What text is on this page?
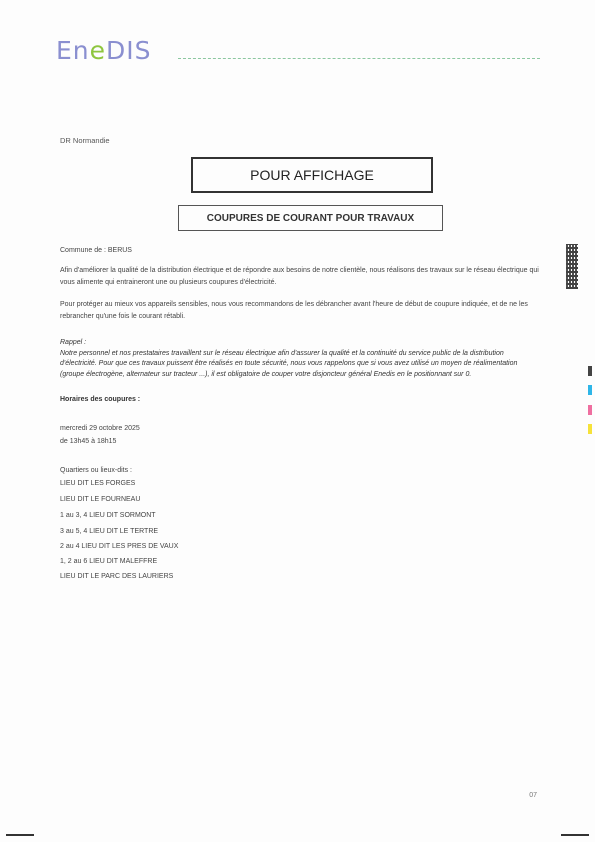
EneDIS
DR Normandie
POUR AFFICHAGE
COUPURES DE COURANT POUR TRAVAUX
Commune de : BERUS
Afin d'améliorer la qualité de la distribution électrique et de répondre aux besoins de notre clientèle, nous réalisons des travaux sur le réseau électrique qui vous alimente qui entraineront une ou plusieurs coupures d'électricité.
Pour protéger au mieux vos appareils sensibles, nous vous recommandons de les débrancher avant l'heure de début de coupure indiquée, et de ne les rebrancher qu'une fois le courant rétabli.
Rappel :
Notre personnel et nos prestataires travaillent sur le réseau électrique afin d'assurer la qualité et la continuité du service public de la distribution d'électricité. Pour que ces travaux puissent être réalisés en toute sécurité, nous vous rappelons que si vous avez utilisé un moyen de réalimentation (groupe électrogène, alternateur sur tracteur ...), il est obligatoire de couper votre disjoncteur général Enedis en le positionnant sur 0.
Horaires des coupures :
mercredi 29 octobre 2025
de 13h45 à 18h15
Quartiers ou lieux-dits :
LIEU DIT LES FORGES
LIEU DIT LE FOURNEAU
1 au 3, 4 LIEU DIT SORMONT
3 au 5, 4 LIEU DIT LE TERTRE
2 au 4 LIEU DIT LES PRES DE VAUX
1, 2 au 6 LIEU DIT MALEFFRE
LIEU DIT LE PARC DES LAURIERS
07
